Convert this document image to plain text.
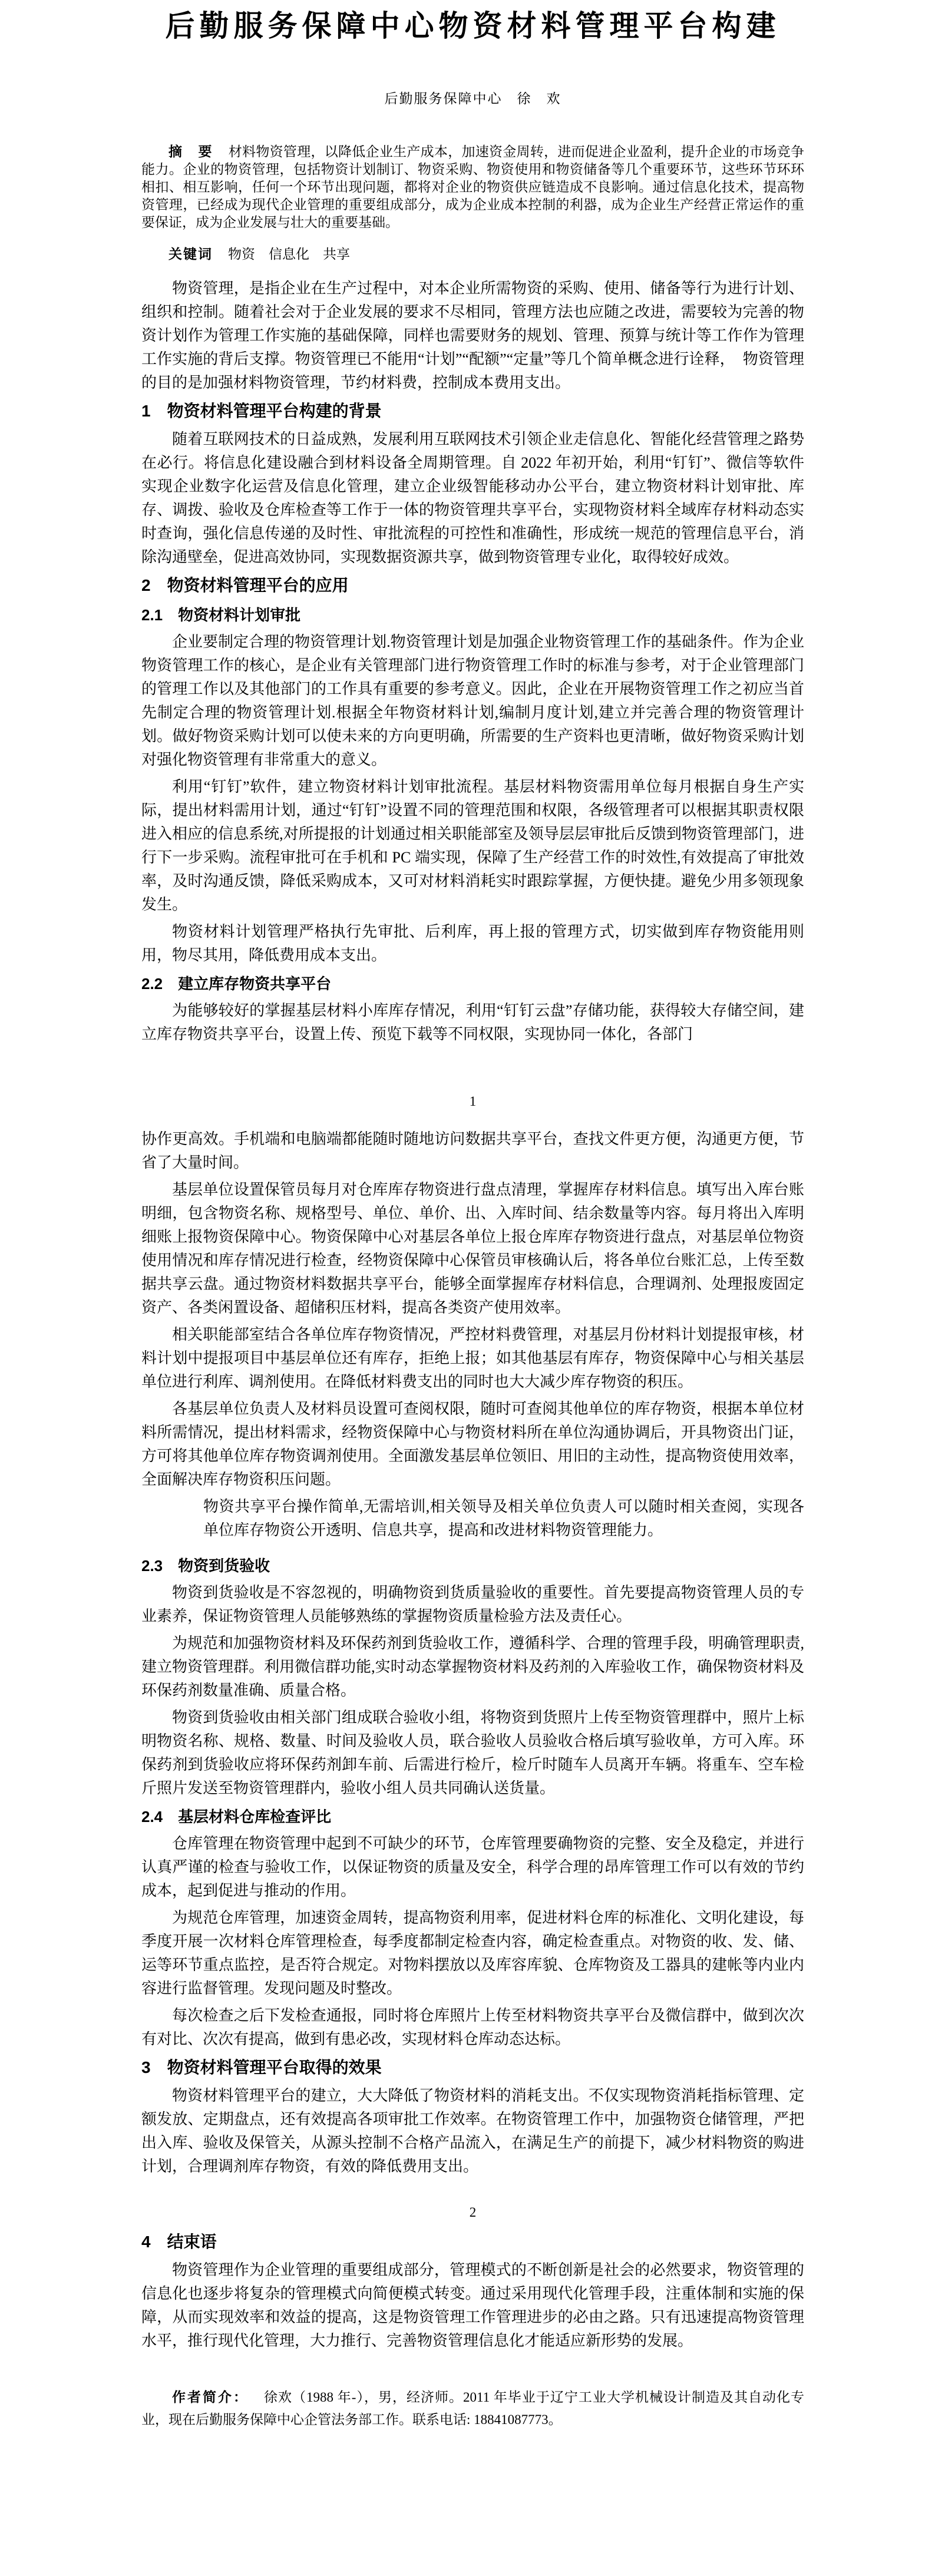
后勤服务保障中心物资材料管理平台构建
后勤服务保障中心　徐　欢

摘　要 材料物资管理，以降低企业生产成本，加速资金周转，进而促进企业盈利，提升企业的市场竞争能力。企业的物资管理，包括物资计划制订、物资采购、物资使用和物资储备等几个重要环节，这些环节环环相扣、相互影响，任何一个环节出现问题，都将对企业的物资供应链造成不良影响。通过信息化技术，提高物资管理，已经成为现代企业管理的重要组成部分，成为企业成本控制的利器，成为企业生产经营正常运作的重要保证，成为企业发展与壮大的重要基础。

关键词 物资　信息化　共享

物资管理，是指企业在生产过程中，对本企业所需物资的采购、使用、储备等行为进行计划、组织和控制。随着社会对于企业发展的要求不尽相同，管理方法也应随之改进，需要较为完善的物资计划作为管理工作实施的基础保障，同样也需要财务的规划、管理、预算与统计等工作作为管理工作实施的背后支撑。物资管理已不能用“计划”“配额”“定量”等几个简单概念进行诠释，　物资管理的目的是加强材料物资管理，节约材料费，控制成本费用支出。

1　物资材料管理平台构建的背景

随着互联网技术的日益成熟，发展利用互联网技术引领企业走信息化、智能化经营管理之路势在必行。将信息化建设融合到材料设备全周期管理。自 2022 年初开始，利用“钉钉”、微信等软件实现企业数字化运营及信息化管理，建立企业级智能移动办公平台，建立物资材料计划审批、库存、调拨、验收及仓库检查等工作于一体的物资管理共享平台，实现物资材料全域库存材料动态实时查询，强化信息传递的及时性、审批流程的可控性和准确性，形成统一规范的管理信息平台，消除沟通壁垒，促进高效协同，实现数据资源共享，做到物资管理专业化，取得较好成效。

2　物资材料管理平台的应用
2.1　物资材料计划审批

企业要制定合理的物资管理计划.物资管理计划是加强企业物资管理工作的基础条件。作为企业物资管理工作的核心，是企业有关管理部门进行物资管理工作时的标准与参考，对于企业管理部门的管理工作以及其他部门的工作具有重要的参考意义。因此，企业在开展物资管理工作之初应当首先制定合理的物资管理计划.根据全年物资材料计划,编制月度计划,建立并完善合理的物资管理计划。做好物资采购计划可以使未来的方向更明确，所需要的生产资料也更清晰，做好物资采购计划对强化物资管理有非常重大的意义。

利用“钉钉”软件，建立物资材料计划审批流程。基层材料物资需用单位每月根据自身生产实际，提出材料需用计划，通过“钉钉”设置不同的管理范围和权限，各级管理者可以根据其职责权限进入相应的信息系统,对所提报的计划通过相关职能部室及领导层层审批后反馈到物资管理部门，进行下一步采购。流程审批可在手机和 PC 端实现，保障了生产经营工作的时效性,有效提高了审批效率，及时沟通反馈，降低采购成本，又可对材料消耗实时跟踪掌握，方便快捷。避免少用多领现象发生。

物资材料计划管理严格执行先审批、后利库，再上报的管理方式，切实做到库存物资能用则用，物尽其用，降低费用成本支出。

2.2　建立库存物资共享平台

为能够较好的掌握基层材料小库库存情况，利用“钉钉云盘”存储功能，获得较大存储空间，建立库存物资共享平台，设置上传、预览下载等不同权限，实现协同一体化，各部门

1

协作更高效。手机端和电脑端都能随时随地访问数据共享平台，查找文件更方便，沟通更方便，节省了大量时间。

基层单位设置保管员每月对仓库库存物资进行盘点清理，掌握库存材料信息。填写出入库台账明细，包含物资名称、规格型号、单位、单价、出、入库时间、结余数量等内容。每月将出入库明细账上报物资保障中心。物资保障中心对基层各单位上报仓库库存物资进行盘点，对基层单位物资使用情况和库存情况进行检查，经物资保障中心保管员审核确认后，将各单位台账汇总，上传至数据共享云盘。通过物资材料数据共享平台，能够全面掌握库存材料信息，合理调剂、处理报废固定资产、各类闲置设备、超储积压材料，提高各类资产使用效率。

相关职能部室结合各单位库存物资情况，严控材料费管理，对基层月份材料计划提报审核，材料计划中提报项目中基层单位还有库存，拒绝上报；如其他基层有库存，物资保障中心与相关基层单位进行利库、调剂使用。在降低材料费支出的同时也大大减少库存物资的积压。

各基层单位负责人及材料员设置可查阅权限，随时可查阅其他单位的库存物资，根据本单位材料所需情况，提出材料需求，经物资保障中心与物资材料所在单位沟通协调后，开具物资出门证，方可将其他单位库存物资调剂使用。全面激发基层单位领旧、用旧的主动性，提高物资使用效率，全面解决库存物资积压问题。

物资共享平台操作简单,无需培训,相关领导及相关单位负责人可以随时相关查阅，实现各单位库存物资公开透明、信息共享，提高和改进材料物资管理能力。

2.3　物资到货验收

物资到货验收是不容忽视的，明确物资到货质量验收的重要性。首先要提高物资管理人员的专业素养，保证物资管理人员能够熟练的掌握物资质量检验方法及责任心。

为规范和加强物资材料及环保药剂到货验收工作，遵循科学、合理的管理手段，明确管理职责,建立物资管理群。利用微信群功能,实时动态掌握物资材料及药剂的入库验收工作，确保物资材料及环保药剂数量准确、质量合格。

物资到货验收由相关部门组成联合验收小组，将物资到货照片上传至物资管理群中，照片上标明物资名称、规格、数量、时间及验收人员，联合验收人员验收合格后填写验收单，方可入库。环保药剂到货验收应将环保药剂卸车前、后需进行检斤，检斤时随车人员离开车辆。将重车、空车检斤照片发送至物资管理群内，验收小组人员共同确认送货量。

2.4　基层材料仓库检查评比

仓库管理在物资管理中起到不可缺少的环节，仓库管理要确物资的完整、安全及稳定，并进行认真严谨的检查与验收工作，以保证物资的质量及安全，科学合理的昂库管理工作可以有效的节约成本，起到促进与推动的作用。

为规范仓库管理，加速资金周转，提高物资利用率，促进材料仓库的标准化、文明化建设，每季度开展一次材料仓库管理检查，每季度都制定检查内容，确定检查重点。对物资的收、发、储、运等环节重点监控，是否符合规定。对物料摆放以及库容库貌、仓库物资及工器具的建帐等内业内容进行监督管理。发现问题及时整改。

每次检查之后下发检查通报，同时将仓库照片上传至材料物资共享平台及微信群中，做到次次有对比、次次有提高，做到有患必改，实现材料仓库动态达标。

3　物资材料管理平台取得的效果

物资材料管理平台的建立，大大降低了物资材料的消耗支出。不仅实现物资消耗指标管理、定额发放、定期盘点，还有效提高各项审批工作效率。在物资管理工作中，加强物资仓储管理，严把出入库、验收及保管关，从源头控制不合格产品流入，在满足生产的前提下，减少材料物资的购进计划，合理调剂库存物资，有效的降低费用支出。

2
4　结束语

物资管理作为企业管理的重要组成部分，管理模式的不断创新是社会的必然要求，物资管理的信息化也逐步将复杂的管理模式向简便模式转变。通过采用现代化管理手段，注重体制和实施的保障，从而实现效率和效益的提高，这是物资管理工作管理进步的必由之路。只有迅速提高物资管理水平，推行现代化管理，大力推行、完善物资管理信息化才能适应新形势的发展。

作者简介： 徐欢（1988 年-），男，经济师。2011 年毕业于辽宁工业大学机械设计制造及其自动化专业，现在后勤服务保障中心企管法务部工作。联系电话: 18841087773。
